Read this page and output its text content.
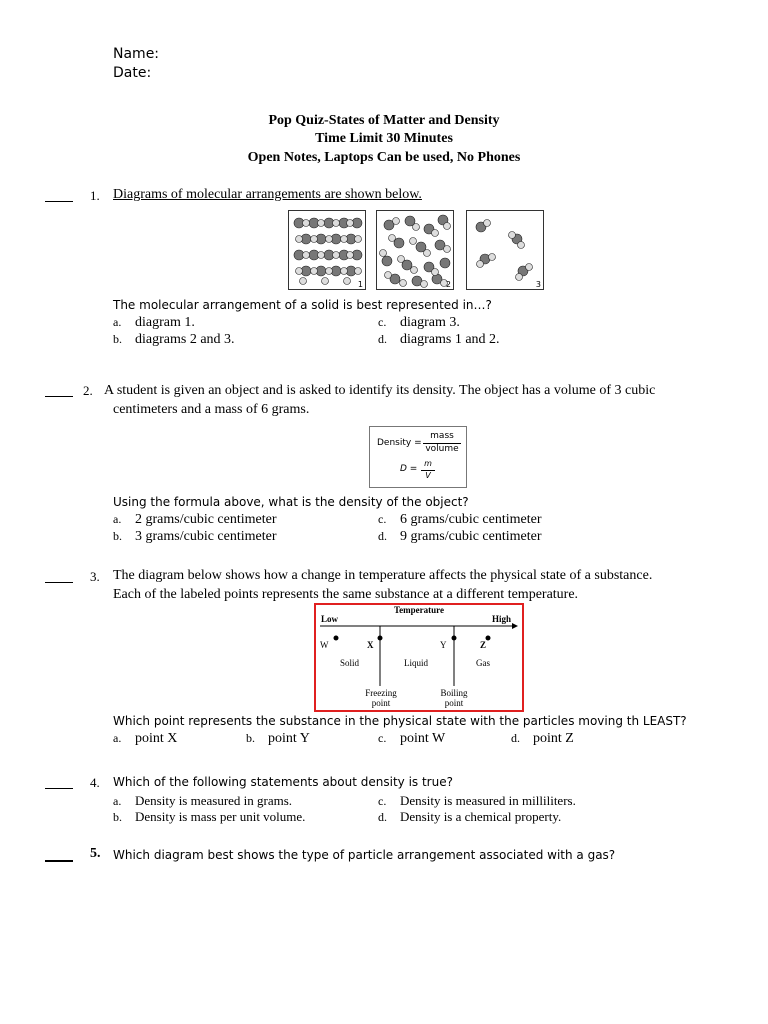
Name:
Date:
Pop Quiz-States of Matter and Density
Time Limit 30 Minutes
Open Notes, Laptops Can be used, No Phones
1. Diagrams of molecular arrangements are shown below.
1	2	3
The molecular arrangement of a solid is best represented in…?
a. diagram 1.
b. diagrams 2 and 3.
c. diagram 3.
d. diagrams 1 and 2.
2. A student is given an object and is asked to identify its density. The object has a volume of 3 cubic
centimeters and a mass of 6 grams.
Density =
mass
volume
D =
m
V
Using the formula above, what is the density of the object?
a. 2 grams/cubic centimeter
b. 3 grams/cubic centimeter
c. 6 grams/cubic centimeter
d. 9 grams/cubic centimeter
3. The diagram below shows how a change in temperature affects the physical state of a substance.
Each of the labeled points represents the same substance at a different temperature.
Temperature
Low	High
W	X	Y	Z
Solid	Liquid	Gas
Freezing
point
Boiling
point
Which point represents the substance in the physical state with the particles moving th LEAST?
a. point X	b. point Y	c. point W	d. point Z
4. Which of the following statements about density is true?
a. Density is measured in grams.
b. Density is mass per unit volume.
c. Density is measured in milliliters.
d. Density is a chemical property.
5. Which diagram best shows the type of particle arrangement associated with a gas?
